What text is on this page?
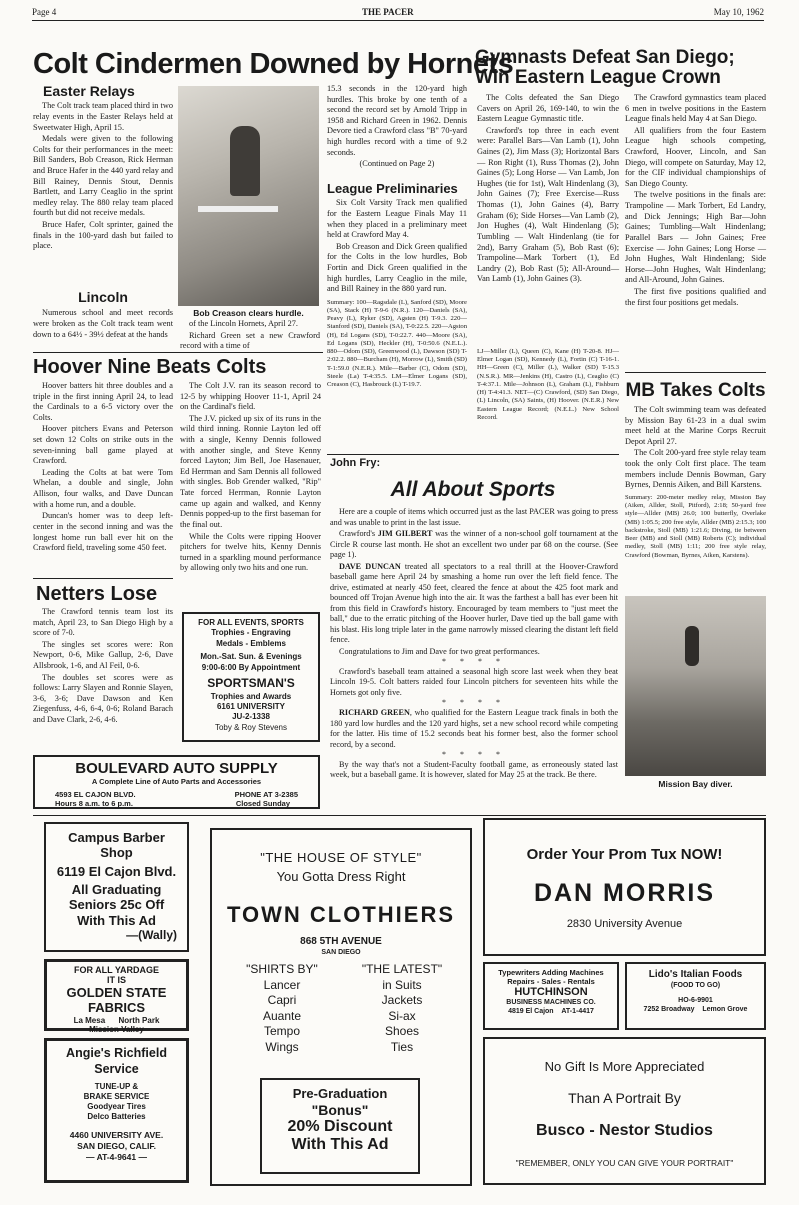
Page 4	THE PACER	May 10, 1962
Colt Cindermen Downed by Hornets
Easter Relays

The Colt track team placed third in two relay events in the Easter Relays held at Sweetwater High, April 15.

Medals were given to the following Colts for their performances in the meet: Bill Sanders, Bob Creason, Rick Herman and Bruce Hafer in the 440 yard relay and Bill Rainey, Dennis Stout, Dennis Bartlett, and Larry Ceaglio in the sprint medley relay. The 880 relay team placed fourth but did not receive medals.

Bruce Hafer, Colt sprinter, gained the finals in the 100-yard dash but failed to place.

Lincoln

Numerous school and meet records were broken as the Colt track team went down to a 64½ - 39½ defeat at the hands

Bob Creason clears hurdle.

of the Lincoln Hornets, April 27.

Richard Green set a new Crawford record with a time of

15.3 seconds in the 120-yard high hurdles. This broke by one tenth of a second the record set by Arnold Tripp in 1958 and Richard Green in 1962. Dennis Devore tied a Crawford class "B" 70-yard high hurdles record with a time of 9.2 seconds.

(Continued on Page 2)
League Preliminaries

Six Colt Varsity Track men qualified for the Eastern League Finals May 11 when they placed in a preliminary meet held at Crawford May 4.

Bob Creason and Dick Green qualified for the Colts in the low hurdles, Bob Fortin and Dick Green qualified in the high hurdles, Larry Ceaglio in the mile, and Bill Rainey in the 880 yard run.

Summary: 100—Ragsdale (L), Sanford (SD), Moore (SA), Stack (H) T-9-6 (N.R.). 120—Daniels (SA), Peavy (L), Ryker (SD), Agsten (H) T-9.3. 220—Stanford (SD), Daniels (SA), T-0:22.5. 220—Agston (H), Ed Logans (SD), T-0:22.7. 440—Moore (SA), Ed Logans (SD), Heckler (H), T-0:50.6 (N.E.L.). 880—Odom (SD), Greenwood (L), Dawson (SD) T-2:02.2. 880—Burcham (H), Morrow (L), Smith (SD) T-1:59.0 (N.E.R.). Mile—Barber (C), Odom (SD), Steele (La) T-4:35.5. LM—Elmer Logans (SD), Creason (C), Hasbrouck (L) T-19.7.
Gymnasts Defeat San Diego;
Win Eastern League Crown

The Colts defeated the San Diego Cavers on April 26, 169-140, to win the Eastern League Gymnastic title.

Crawford's top three in each event were: Parallel Bars—Van Lamb (1), John Gaines (2), Jim Mass (3); Horizontal Bars — Ron Right (1), Russ Thomas (2), John Gaines (5); Long Horse — Van Lamb, Jon Hughes (tie for 1st), Walt Hindenlang (3), John Gaines (7); Free Exercise—Russ Thomas (1), John Gaines (4), Barry Graham (6); Side Horses—Van Lamb (2), Jon Hughes (4), Walt Hindenlang (5); Tumbling — Walt Hindenlang (tie for 2nd), Barry Graham (5), Bob Rast (6); Trampoline—Mark Torbert (1), Ed Landry (2), Bob Rast (5); All-Around—Van Lamb (1), John Gaines (3).

The Crawford gymnastics team placed 6 men in twelve positions in the Eastern League finals held May 4 at San Diego.

All qualifiers from the four Eastern League high schools competing, Crawford, Hoover, Lincoln, and San Diego, will compete on Saturday, May 12, for the CIF individual championships of San Diego County.

The twelve positions in the finals are: Trampoline — Mark Torbert, Ed Landry, and Dick Jennings; High Bar—John Gaines; Tumbling—Walt Hindenlang; Parallel Bars — John Gaines; Free Exercise — John Gaines; Long Horse — John Hughes, Walt Hindenlang; Side Horse—John Hughes, Walt Hindenlang; and All-Around, John Gaines.

The first five positions qualified and the first four positions get medals.

LJ—Miller (L), Queen (C), Kane (H) T-20-8. HJ—Elmer Logan (SD), Kennedy (L), Fortin (C) T-16-1. HH—Green (C), Miller (L), Walker (SD) T-15.3 (N.S.R.). MR—Jenkins (H), Castro (L), Ceaglio (C) T-4:37.1. Mile—Johnson (L), Graham (L), Fishburn (H) T-4:41.3. NET—(C) Crawford, (SD) San Diego, (L) Lincoln, (SA) Saints, (H) Hoover. (N.E.R.) New Eastern League Record; (N.E.L.) New School Record.
MB Takes Colts

The Colt swimming team was defeated by Mission Bay 61-23 in a dual swim meet held at the Marine Corps Recruit Depot April 27.

The Colt 200-yard free style relay team took the only Colt first place. The team members include Dennis Bowman, Gary Byrnes, Dennis Aiken, and Bill Karstens.

Summary: 200-meter medley relay, Mission Bay (Aiken, Allder, Stoll, Pitford), 2:18; 50-yard free style—Allder (MB) 26.0; 100 butterfly, Overlake (MB) 1:05.5; 200 free style, Allder (MB) 2:15.3; 100 backstroke, Stoll (MB) 1:21.6; Diving, tie between Beer (MB) and Stoll (MB) Roberts (C); individual medley, Stoll (MB) 1:11; 200 free style relay, Crawford (Bowman, Byrnes, Aiken, Karstens).
Mission Bay diver.
Hoover Nine Beats Colts

Hoover batters hit three doubles and a triple in the first inning April 24, to lead the Cardinals to a 6-5 victory over the Colts.

Hoover pitchers Evans and Peterson set down 12 Colts on strike outs in the seven-inning ball game played at Crawford.

Leading the Colts at bat were Tom Whelan, a double and single, John Allison, four walks, and Dave Duncan with a home run, and a double.

Duncan's homer was to deep left-center in the second inning and was the longest home run ball ever hit on the Crawford field, traveling some 450 feet.

The Colt J.V. ran its season record to 12-5 by whipping Hoover 11-1, April 24 on the Cardinal's field.

The J.V. picked up six of its runs in the wild third inning. Ronnie Layton led off with a single, Kenny Dennis followed with another single, and Steve Kenny forced Layton; Jim Bell, Joe Hasenauer, Ed Herrman and Sam Dennis all followed with singles. Bob Grender walked, "Rip" Tate forced Herrman, Ronnie Layton came up again and walked, and Kenny Dennis popped-up to the first baseman for the final out.

While the Colts were ripping Hoover pitchers for twelve hits, Kenny Dennis turned in a sparkling mound performance by allowing only two hits and one run.

Netters Lose

The Crawford tennis team lost its match, April 23, to San Diego High by a score of 7-0.

The singles set scores were: Ron Newport, 0-6, Mike Gallup, 2-6, Dave Allsbrook, 1-6, and Al Feil, 0-6.

The doubles set scores were as follows: Larry Slayen and Ronnie Slayen, 3-6, 3-6; Dave Dawson and Ken Ziegenfuss, 4-6, 6-4, 0-6; Roland Barach and Dave Clark, 2-6, 4-6.

FOR ALL EVENTS, SPORTS
Trophies - Engraving
Medals - Emblems
Mon.-Sat. Sun. & Evenings
9:00-6:00 By Appointment
SPORTSMAN'S
Trophies and Awards
6161 UNIVERSITY
JU-2-1338
Toby & Roy Stevens
John Fry:
All About Sports

Here are a couple of items which occurred just as the last PACER was going to press and was unable to print in the last issue.

Crawford's JIM GILBERT was the winner of a non-school golf tournament at the Circle R course last month. He shot an excellent two under par 68 on the course. (See page 1).

DAVE DUNCAN treated all spectators to a real thrill at the Hoover-Crawford baseball game here April 24 by smashing a home run over the left field fence. The drive, estimated at nearly 450 feet, cleared the fence at about the 425 foot mark and bounced off Trojan Avenue high into the air. It was the farthest a ball has ever been hit from this field in Crawford's history. Encouraged by team members to "just meet the ball," due to the erratic pitching of the Hoover hurler, Dave tied up the ball game with his blast. His long triple later in the game narrowly missed clearing the distant left field fence.

Congratulations to Jim and Dave for two great performances.

* * * *

Crawford's baseball team attained a seasonal high score last week when they beat Lincoln 19-5. Colt batters raided four Lincoln pitchers for seventeen hits while the Hornets got only five.

* * * *

RICHARD GREEN, who qualified for the Eastern League track finals in both the 180 yard low hurdles and the 120 yard highs, set a new school record while competing for the latter. His time of 15.2 seconds beat his former best, also the former school record, by a second.

* * * *

By the way that's not a Student-Faculty football game, as erroneously stated last week, but a baseball game. It is however, slated for May 25 at the track. Be there.

BOULEVARD AUTO SUPPLY
A Complete Line of Auto Parts and Accessories
4593 EL CAJON BLVD.
Hours 8 a.m. to 6 p.m.
PHONE AT 3-2385
Closed Sunday
Campus Barber
Shop
6119 El Cajon Blvd.
All Graduating
Seniors 25c Off
With This Ad
—(Wally)
FOR ALL YARDAGE
IT IS
GOLDEN STATE
FABRICS
La Mesa North Park
Mission Valley
Angie's Richfield
Service
TUNE-UP &
BRAKE SERVICE
Goodyear Tires
Delco Batteries
4460 UNIVERSITY AVE.
SAN DIEGO, CALIF.
— AT-4-9641 —
"THE HOUSE OF STYLE"
You Gotta Dress Right
TOWN CLOTHIERS
868 5TH AVENUE
SAN DIEGO
"SHIRTS BY"
Lancer
Capri
Auante
Tempo
Wings
"THE LATEST"
in Suits
Jackets
Si-ax
Shoes
Ties
Pre-Graduation
"Bonus"
20% Discount
With This Ad
Order Your Prom Tux NOW!
DAN MORRIS
2830 University Avenue
Typewriters Adding Machines
Repairs - Sales - Rentals
HUTCHINSON
BUSINESS MACHINES CO.
4819 El Cajon AT-1-4417
Lido's Italian Foods
(FOOD TO GO)
HO-6-9901
7252 Broadway Lemon Grove
No Gift Is More Appreciated
Than A Portrait By
Busco - Nestor Studios
"REMEMBER, ONLY YOU CAN GIVE YOUR PORTRAIT"
